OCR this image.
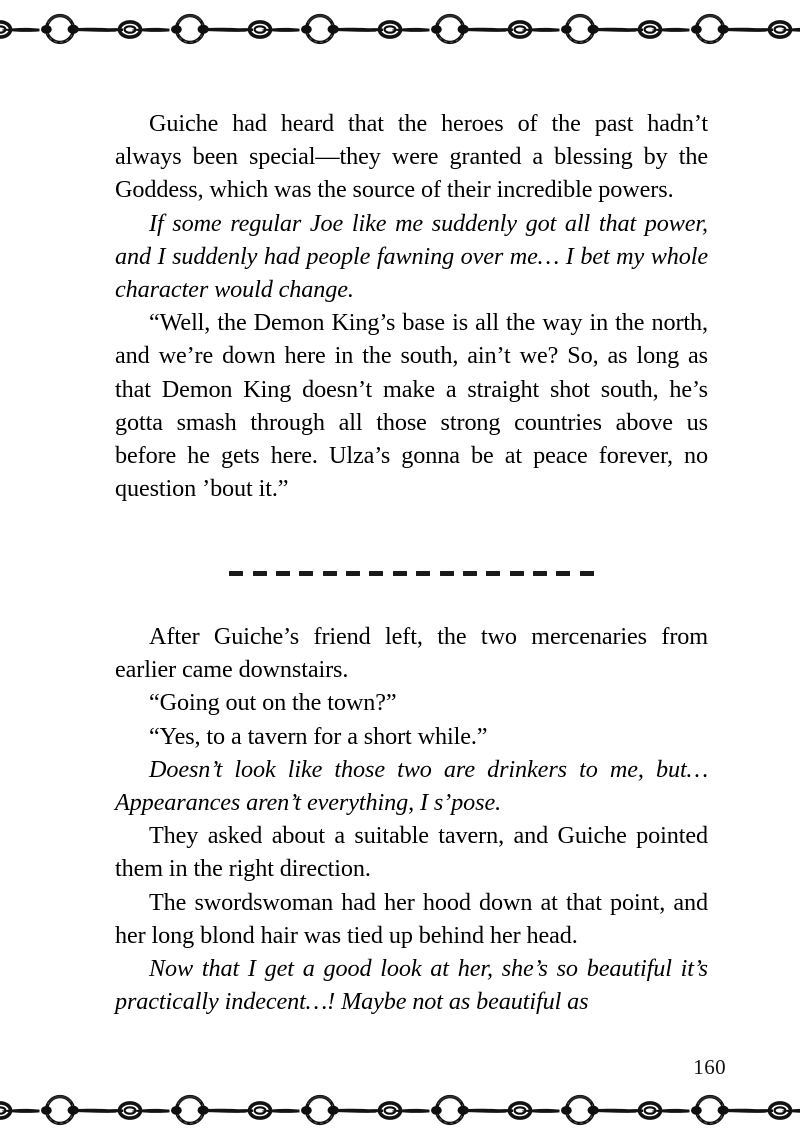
Guiche had heard that the heroes of the past hadn’t always been special—they were granted a blessing by the Goddess, which was the source of their incredible powers.

If some regular Joe like me suddenly got all that power, and I suddenly had people fawning over me… I bet my whole character would change.

“Well, the Demon King’s base is all the way in the north, and we’re down here in the south, ain’t we? So, as long as that Demon King doesn’t make a straight shot south, he’s gotta smash through all those strong countries above us before he gets here. Ulza’s gonna be at peace forever, no question ’bout it.”

After Guiche’s friend left, the two mercenaries from earlier came downstairs.

“Going out on the town?”

“Yes, to a tavern for a short while.”

Doesn’t look like those two are drinkers to me, but… Appearances aren’t everything, I s’pose.

They asked about a suitable tavern, and Guiche pointed them in the right direction.

The swordswoman had her hood down at that point, and her long blond hair was tied up behind her head.

Now that I get a good look at her, she’s so beautiful it’s practically indecent…! Maybe not as beautiful as

160
